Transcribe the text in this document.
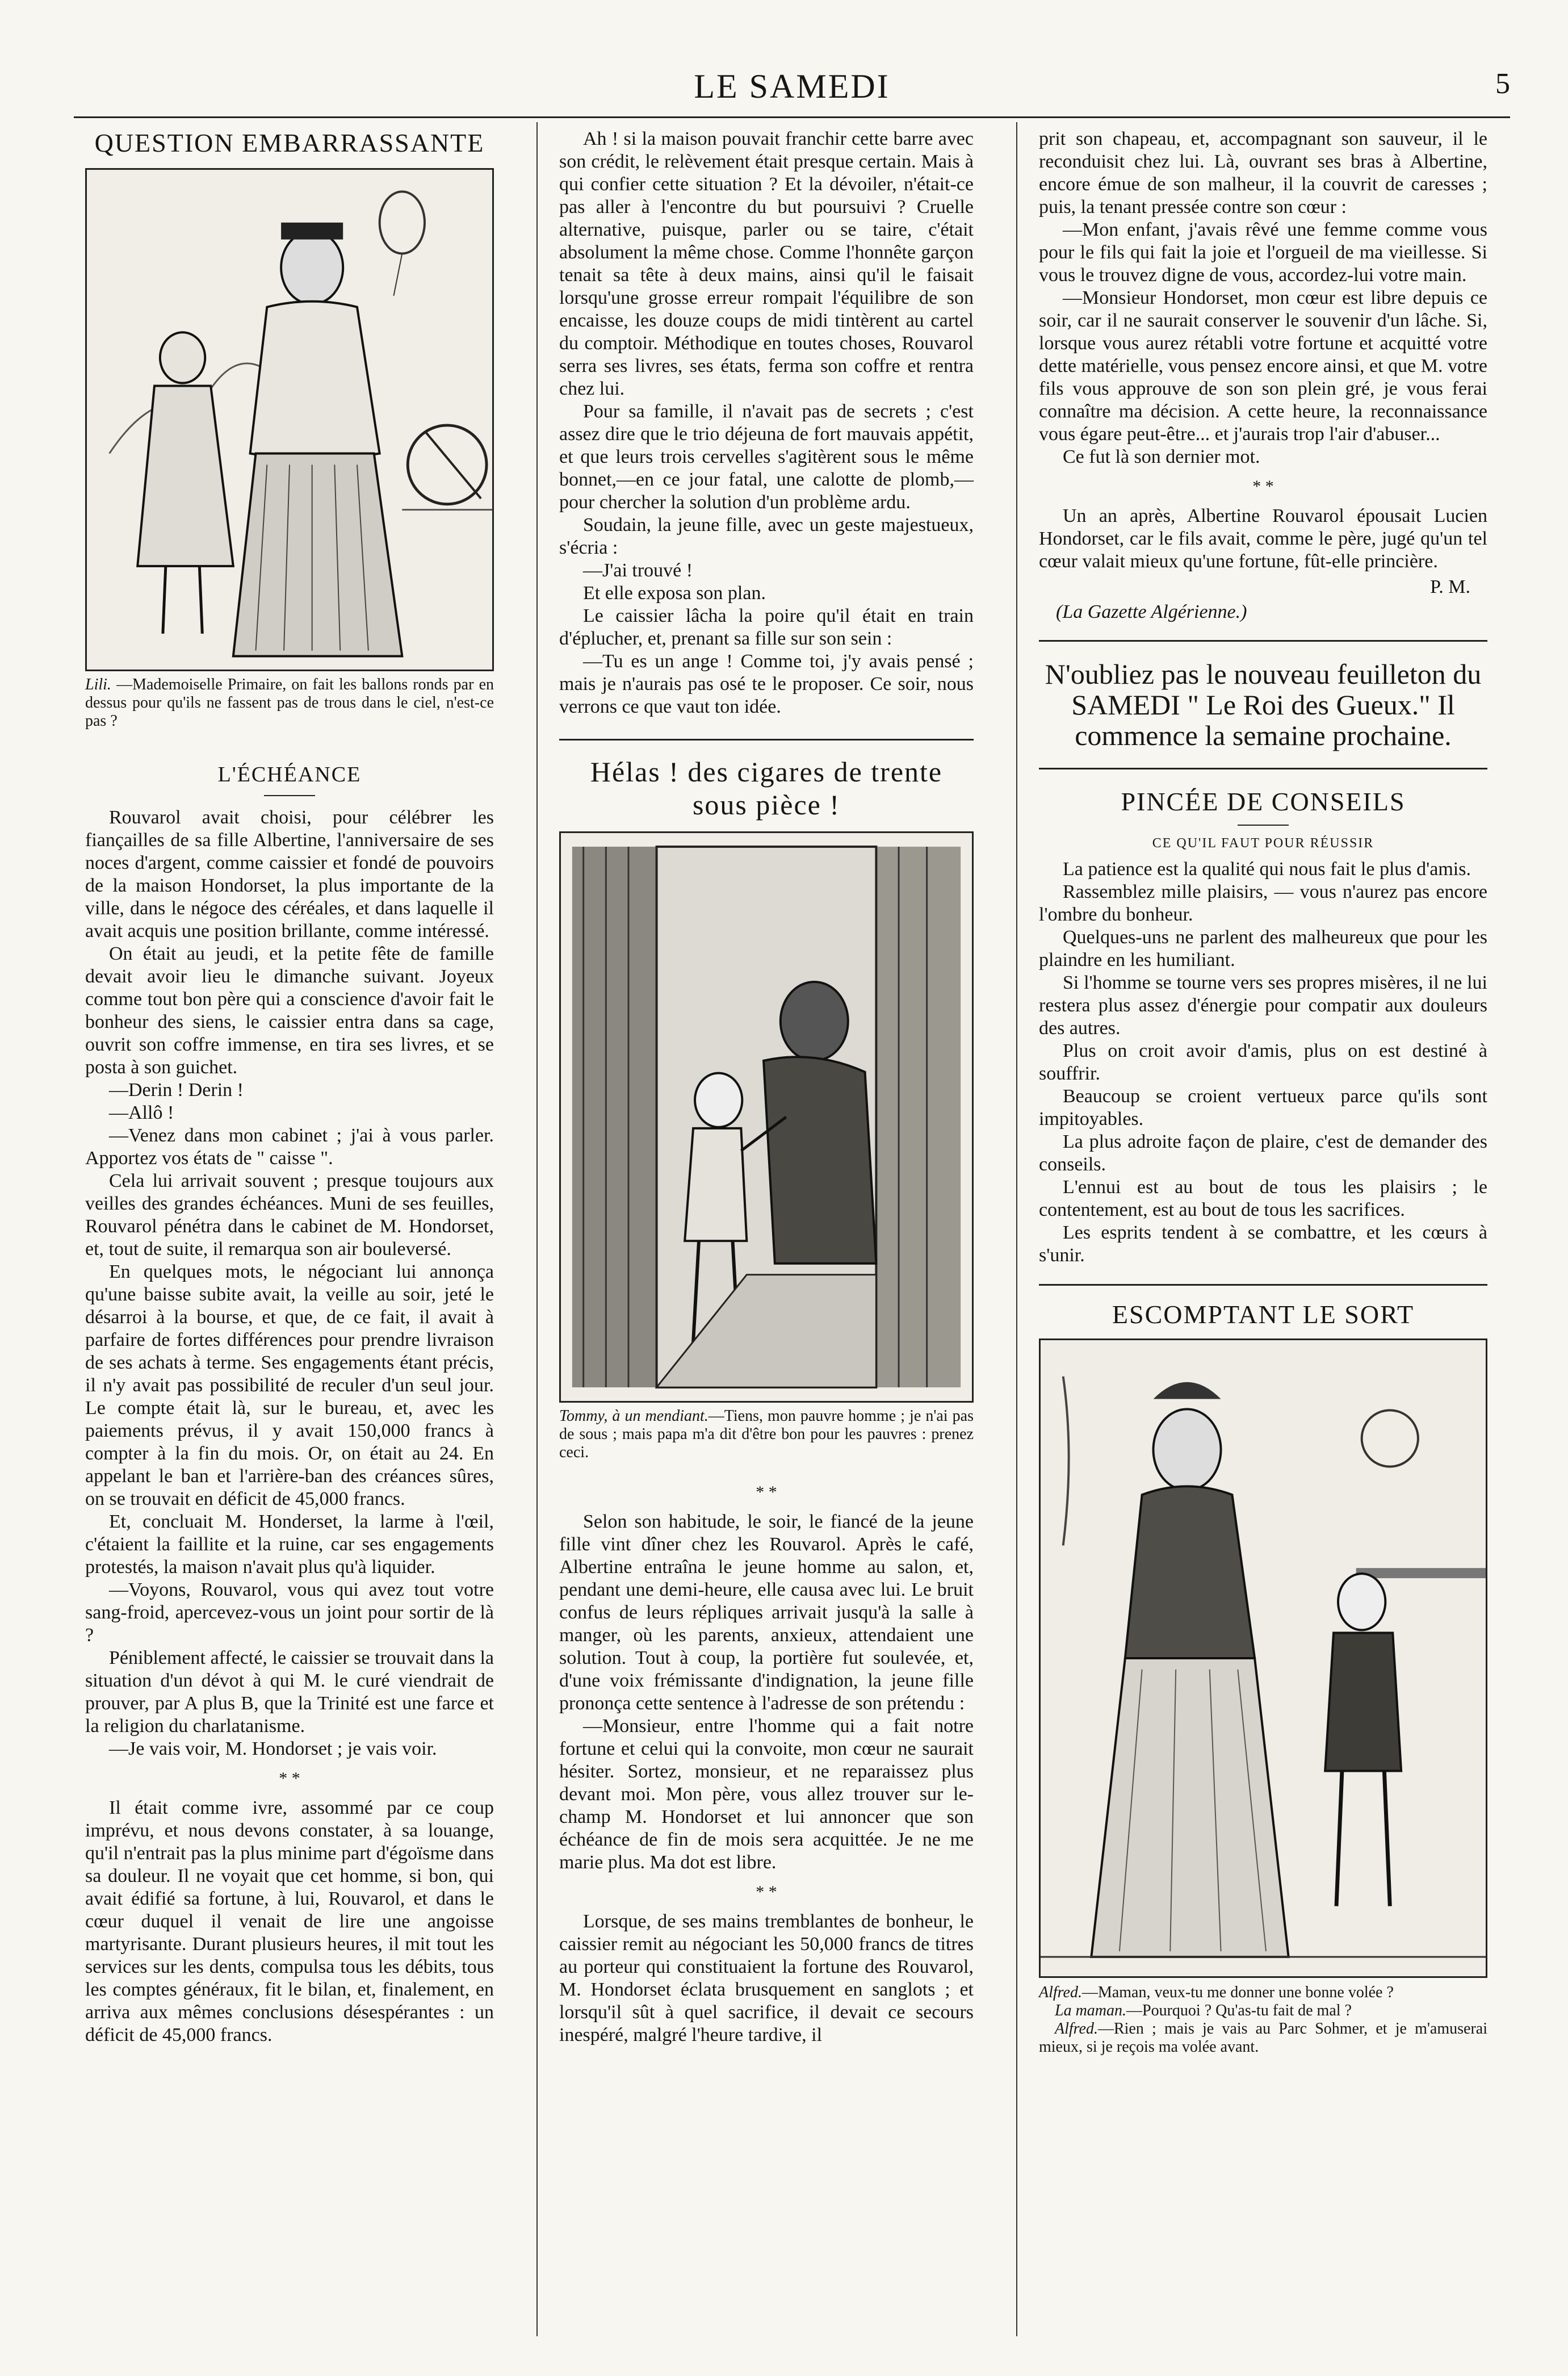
LE SAMEDI	5

QUESTION EMBARRASSANTE

Lili. —Mademoiselle Primaire, on fait les ballons ronds par en dessus pour qu'ils ne fassent pas de trous dans le ciel, n'est-ce pas ?

L'ÉCHÉANCE

Rouvarol avait choisi, pour célébrer les fiançailles de sa fille Albertine, l'anniversaire de ses noces d'argent, comme caissier et fondé de pouvoirs de la maison Hondorset, la plus importante de la ville, dans le négoce des céréales, et dans laquelle il avait acquis une position brillante, comme intéressé.

On était au jeudi, et la petite fête de famille devait avoir lieu le dimanche suivant. Joyeux comme tout bon père qui a conscience d'avoir fait le bonheur des siens, le caissier entra dans sa cage, ouvrit son coffre immense, en tira ses livres, et se posta à son guichet.

—Derin ! Derin !

—Allô !

—Venez dans mon cabinet ; j'ai à vous parler. Apportez vos états de " caisse ".

Cela lui arrivait souvent ; presque toujours aux veilles des grandes échéances. Muni de ses feuilles, Rouvarol pénétra dans le cabinet de M. Hondorset, et, tout de suite, il remarqua son air bouleversé.

En quelques mots, le négociant lui annonça qu'une baisse subite avait, la veille au soir, jeté le désarroi à la bourse, et que, de ce fait, il avait à parfaire de fortes différences pour prendre livraison de ses achats à terme. Ses engagements étant précis, il n'y avait pas possibilité de reculer d'un seul jour. Le compte était là, sur le bureau, et, avec les paiements prévus, il y avait 150,000 francs à compter à la fin du mois. Or, on était au 24. En appelant le ban et l'arrière-ban des créances sûres, on se trouvait en déficit de 45,000 francs.

Et, concluait M. Honderset, la larme à l'œil, c'étaient la faillite et la ruine, car ses engagements protestés, la maison n'avait plus qu'à liquider.

—Voyons, Rouvarol, vous qui avez tout votre sang-froid, apercevez-vous un joint pour sortir de là ?

Péniblement affecté, le caissier se trouvait dans la situation d'un dévot à qui M. le curé viendrait de prouver, par A plus B, que la Trinité est une farce et la religion du charlatanisme.

—Je vais voir, M. Hondorset ; je vais voir.

* *

Il était comme ivre, assommé par ce coup imprévu, et nous devons constater, à sa louange, qu'il n'entrait pas la plus minime part d'égoïsme dans sa douleur. Il ne voyait que cet homme, si bon, qui avait édifié sa fortune, à lui, Rouvarol, et dans le cœur duquel il venait de lire une angoisse martyrisante. Durant plusieurs heures, il mit tout les services sur les dents, compulsa tous les débits, tous les comptes généraux, fit le bilan, et, finalement, en arriva aux mêmes conclusions désespérantes : un déficit de 45,000 francs.

Ah ! si la maison pouvait franchir cette barre avec son crédit, le relèvement était presque certain. Mais à qui confier cette situation ? Et la dévoiler, n'était-ce pas aller à l'encontre du but poursuivi ? Cruelle alternative, puisque, parler ou se taire, c'était absolument la même chose. Comme l'honnête garçon tenait sa tête à deux mains, ainsi qu'il le faisait lorsqu'une grosse erreur rompait l'équilibre de son encaisse, les douze coups de midi tintèrent au cartel du comptoir. Méthodique en toutes choses, Rouvarol serra ses livres, ses états, ferma son coffre et rentra chez lui.

Pour sa famille, il n'avait pas de secrets ; c'est assez dire que le trio déjeuna de fort mauvais appétit, et que leurs trois cervelles s'agitèrent sous le même bonnet,—en ce jour fatal, une calotte de plomb,—pour chercher la solution d'un problème ardu.

Soudain, la jeune fille, avec un geste majestueux, s'écria :

—J'ai trouvé !

Et elle exposa son plan.

Le caissier lâcha la poire qu'il était en train d'éplucher, et, prenant sa fille sur son sein :

—Tu es un ange ! Comme toi, j'y avais pensé ; mais je n'aurais pas osé te le proposer. Ce soir, nous verrons ce que vaut ton idée.

Hélas ! des cigares de trente sous pièce !

Tommy, à un mendiant.—Tiens, mon pauvre homme ; je n'ai pas de sous ; mais papa m'a dit d'être bon pour les pauvres : prenez ceci.

* *

Selon son habitude, le soir, le fiancé de la jeune fille vint dîner chez les Rouvarol. Après le café, Albertine entraîna le jeune homme au salon, et, pendant une demi-heure, elle causa avec lui. Le bruit confus de leurs répliques arrivait jusqu'à la salle à manger, où les parents, anxieux, attendaient une solution. Tout à coup, la portière fut soulevée, et, d'une voix frémissante d'indignation, la jeune fille prononça cette sentence à l'adresse de son prétendu :

—Monsieur, entre l'homme qui a fait notre fortune et celui qui la convoite, mon cœur ne saurait hésiter. Sortez, monsieur, et ne reparaissez plus devant moi. Mon père, vous allez trouver sur le-champ M. Hondorset et lui annoncer que son échéance de fin de mois sera acquittée. Je ne me marie plus. Ma dot est libre.

* *

Lorsque, de ses mains tremblantes de bonheur, le caissier remit au négociant les 50,000 francs de titres au porteur qui constituaient la fortune des Rouvarol, M. Hondorset éclata brusquement en sanglots ; et lorsqu'il sût à quel sacrifice, il devait ce secours inespéré, malgré l'heure tardive, il

prit son chapeau, et, accompagnant son sauveur, il le reconduisit chez lui. Là, ouvrant ses bras à Albertine, encore émue de son malheur, il la couvrit de caresses ; puis, la tenant pressée contre son cœur :

—Mon enfant, j'avais rêvé une femme comme vous pour le fils qui fait la joie et l'orgueil de ma vieillesse. Si vous le trouvez digne de vous, accordez-lui votre main.

—Monsieur Hondorset, mon cœur est libre depuis ce soir, car il ne saurait conserver le souvenir d'un lâche. Si, lorsque vous aurez rétabli votre fortune et acquitté votre dette matérielle, vous pensez encore ainsi, et que M. votre fils vous approuve de son son plein gré, je vous ferai connaître ma décision. A cette heure, la reconnaissance vous égare peut-être... et j'aurais trop l'air d'abuser...

Ce fut là son dernier mot.

* *

Un an après, Albertine Rouvarol épousait Lucien Hondorset, car le fils avait, comme le père, jugé qu'un tel cœur valait mieux qu'une fortune, fût-elle princière.

P. M.

(La Gazette Algérienne.)

N'oubliez pas le nouveau feuilleton du SAMEDI " Le Roi des Gueux." Il commence la semaine prochaine.

PINCÉE DE CONSEILS

CE QU'IL FAUT POUR RÉUSSIR

La patience est la qualité qui nous fait le plus d'amis.

Rassemblez mille plaisirs, — vous n'aurez pas encore l'ombre du bonheur.

Quelques-uns ne parlent des malheureux que pour les plaindre en les humiliant.

Si l'homme se tourne vers ses propres misères, il ne lui restera plus assez d'énergie pour compatir aux douleurs des autres.

Plus on croit avoir d'amis, plus on est destiné à souffrir.

Beaucoup se croient vertueux parce qu'ils sont impitoyables.

La plus adroite façon de plaire, c'est de demander des conseils.

L'ennui est au bout de tous les plaisirs ; le contentement, est au bout de tous les sacrifices.

Les esprits tendent à se combattre, et les cœurs à s'unir.

ESCOMPTANT LE SORT

Alfred.—Maman, veux-tu me donner une bonne volée ?

La maman.—Pourquoi ? Qu'as-tu fait de mal ?

Alfred.—Rien ; mais je vais au Parc Sohmer, et je m'amuserai mieux, si je reçois ma volée avant.
